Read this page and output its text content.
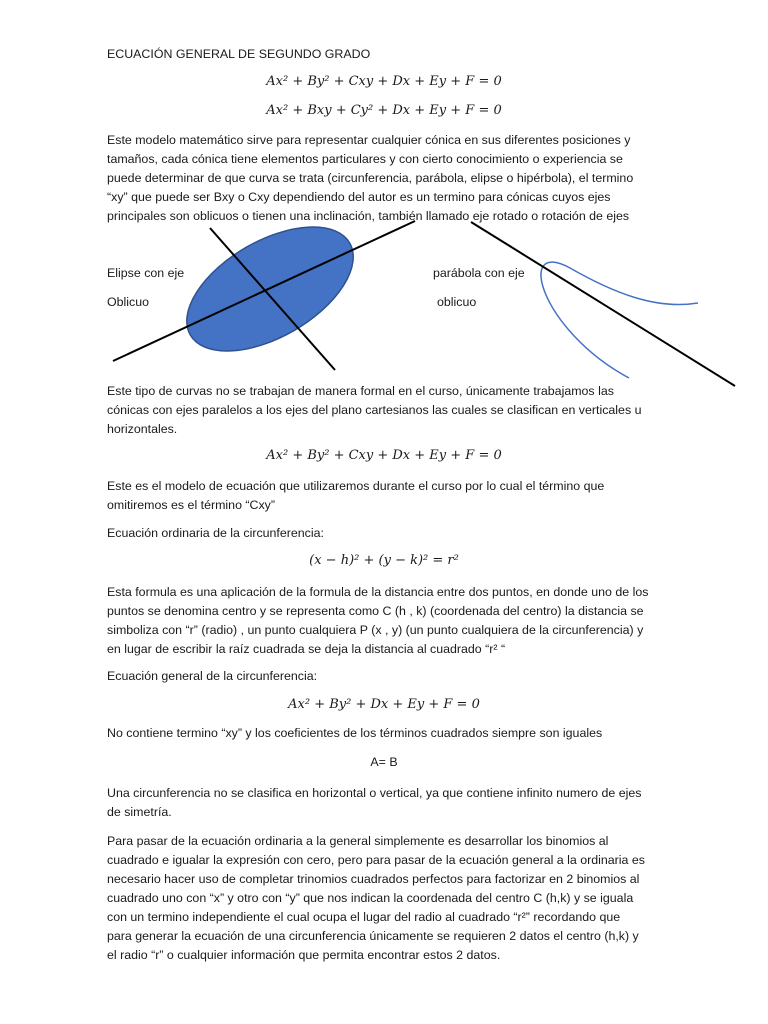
ECUACIÓN GENERAL DE SEGUNDO GRADO
Ax² + By² + Cxy + Dx + Ey + F = 0
Ax² + Bxy + Cy² + Dx + Ey + F = 0
Este modelo matemático sirve para representar cualquier cónica en sus diferentes posiciones y
tamaños, cada cónica tiene elementos particulares y con cierto conocimiento o experiencia se
puede determinar de que curva se trata (circunferencia, parábola, elipse o hipérbola), el termino
“xy” que puede ser Bxy o Cxy dependiendo del autor es un termino para cónicas cuyos ejes
principales son oblicuos o tienen una inclinación, también llamado eje rotado o rotación de ejes
Elipse con eje
Oblicuo
parábola con eje
oblicuo
Este tipo de curvas no se trabajan de manera formal en el curso, únicamente trabajamos las
cónicas con ejes paralelos a los ejes del plano cartesianos las cuales se clasifican en verticales u
horizontales.
Ax² + By² + Cxy + Dx + Ey + F = 0
Este es el modelo de ecuación que utilizaremos durante el curso por lo cual el término que
omitiremos es el término “Cxy”
Ecuación ordinaria de la circunferencia:
(x − h)² + (y − k)² = r²
Esta formula es una aplicación de la formula de la distancia entre dos puntos, en donde uno de los
puntos se denomina centro y se representa como C (h , k) (coordenada del centro) la distancia se
simboliza con “r” (radio) , un punto cualquiera P (x , y) (un punto cualquiera de la circunferencia) y
en lugar de escribir la raíz cuadrada se deja la distancia al cuadrado “r² “
Ecuación general de la circunferencia:
Ax² + By² + Dx + Ey + F = 0
No contiene termino “xy” y los coeficientes de los términos cuadrados siempre son iguales
A= B
Una circunferencia no se clasifica en horizontal o vertical, ya que contiene infinito numero de ejes
de simetría.
Para pasar de la ecuación ordinaria a la general simplemente es desarrollar los binomios al
cuadrado e igualar la expresión con cero, pero para pasar de la ecuación general a la ordinaria es
necesario hacer uso de completar trinomios cuadrados perfectos para factorizar en 2 binomios al
cuadrado uno con “x” y otro con “y” que nos indican la coordenada del centro C (h,k) y se iguala
con un termino independiente el cual ocupa el lugar del radio al cuadrado “r²” recordando que
para generar la ecuación de una circunferencia únicamente se requieren 2 datos el centro (h,k) y
el radio “r” o cualquier información que permita encontrar estos 2 datos.
